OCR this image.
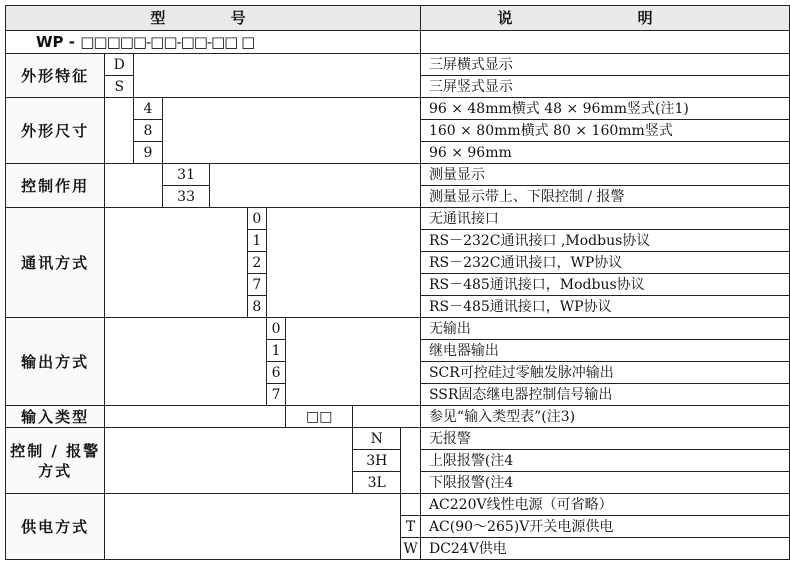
型 号										说 明
WP - □□□□□-□□-□□-□□ □										
外形特征	D									三屏横式显示
	S									三屏竖式显示
外形尺寸		4								96 × 48mm横式 48 × 96mm竖式(注1)
		8								160 × 80mm横式 80 × 160mm竖式
		9								96 × 96mm
控制作用			31							测量显示
			33							测量显示带上、下限控制 / 报警
通讯方式					0					无通讯接口
					1					RS－232C通讯接口 ,Modbus协议
					2					RS－232C通讯接口，WP协议
					7					RS－485通讯接口，Modbus协议
					8					RS－485通讯接口，WP协议
输出方式						0				无输出
						1				继电器输出
						6				SCR可控硅过零触发脉冲输出
						7				SSR固态继电器控制信号输出
输入类型							□□			参见“输入类型表”(注3)

控制 / 报警
方式								N		无报警
								3H		上限报警(注4
								3L		下限报警(注4
供电方式										AC220V线性电源（可省略）
									T	AC(90～265)V开关电源供电
									W	DC24V供电
